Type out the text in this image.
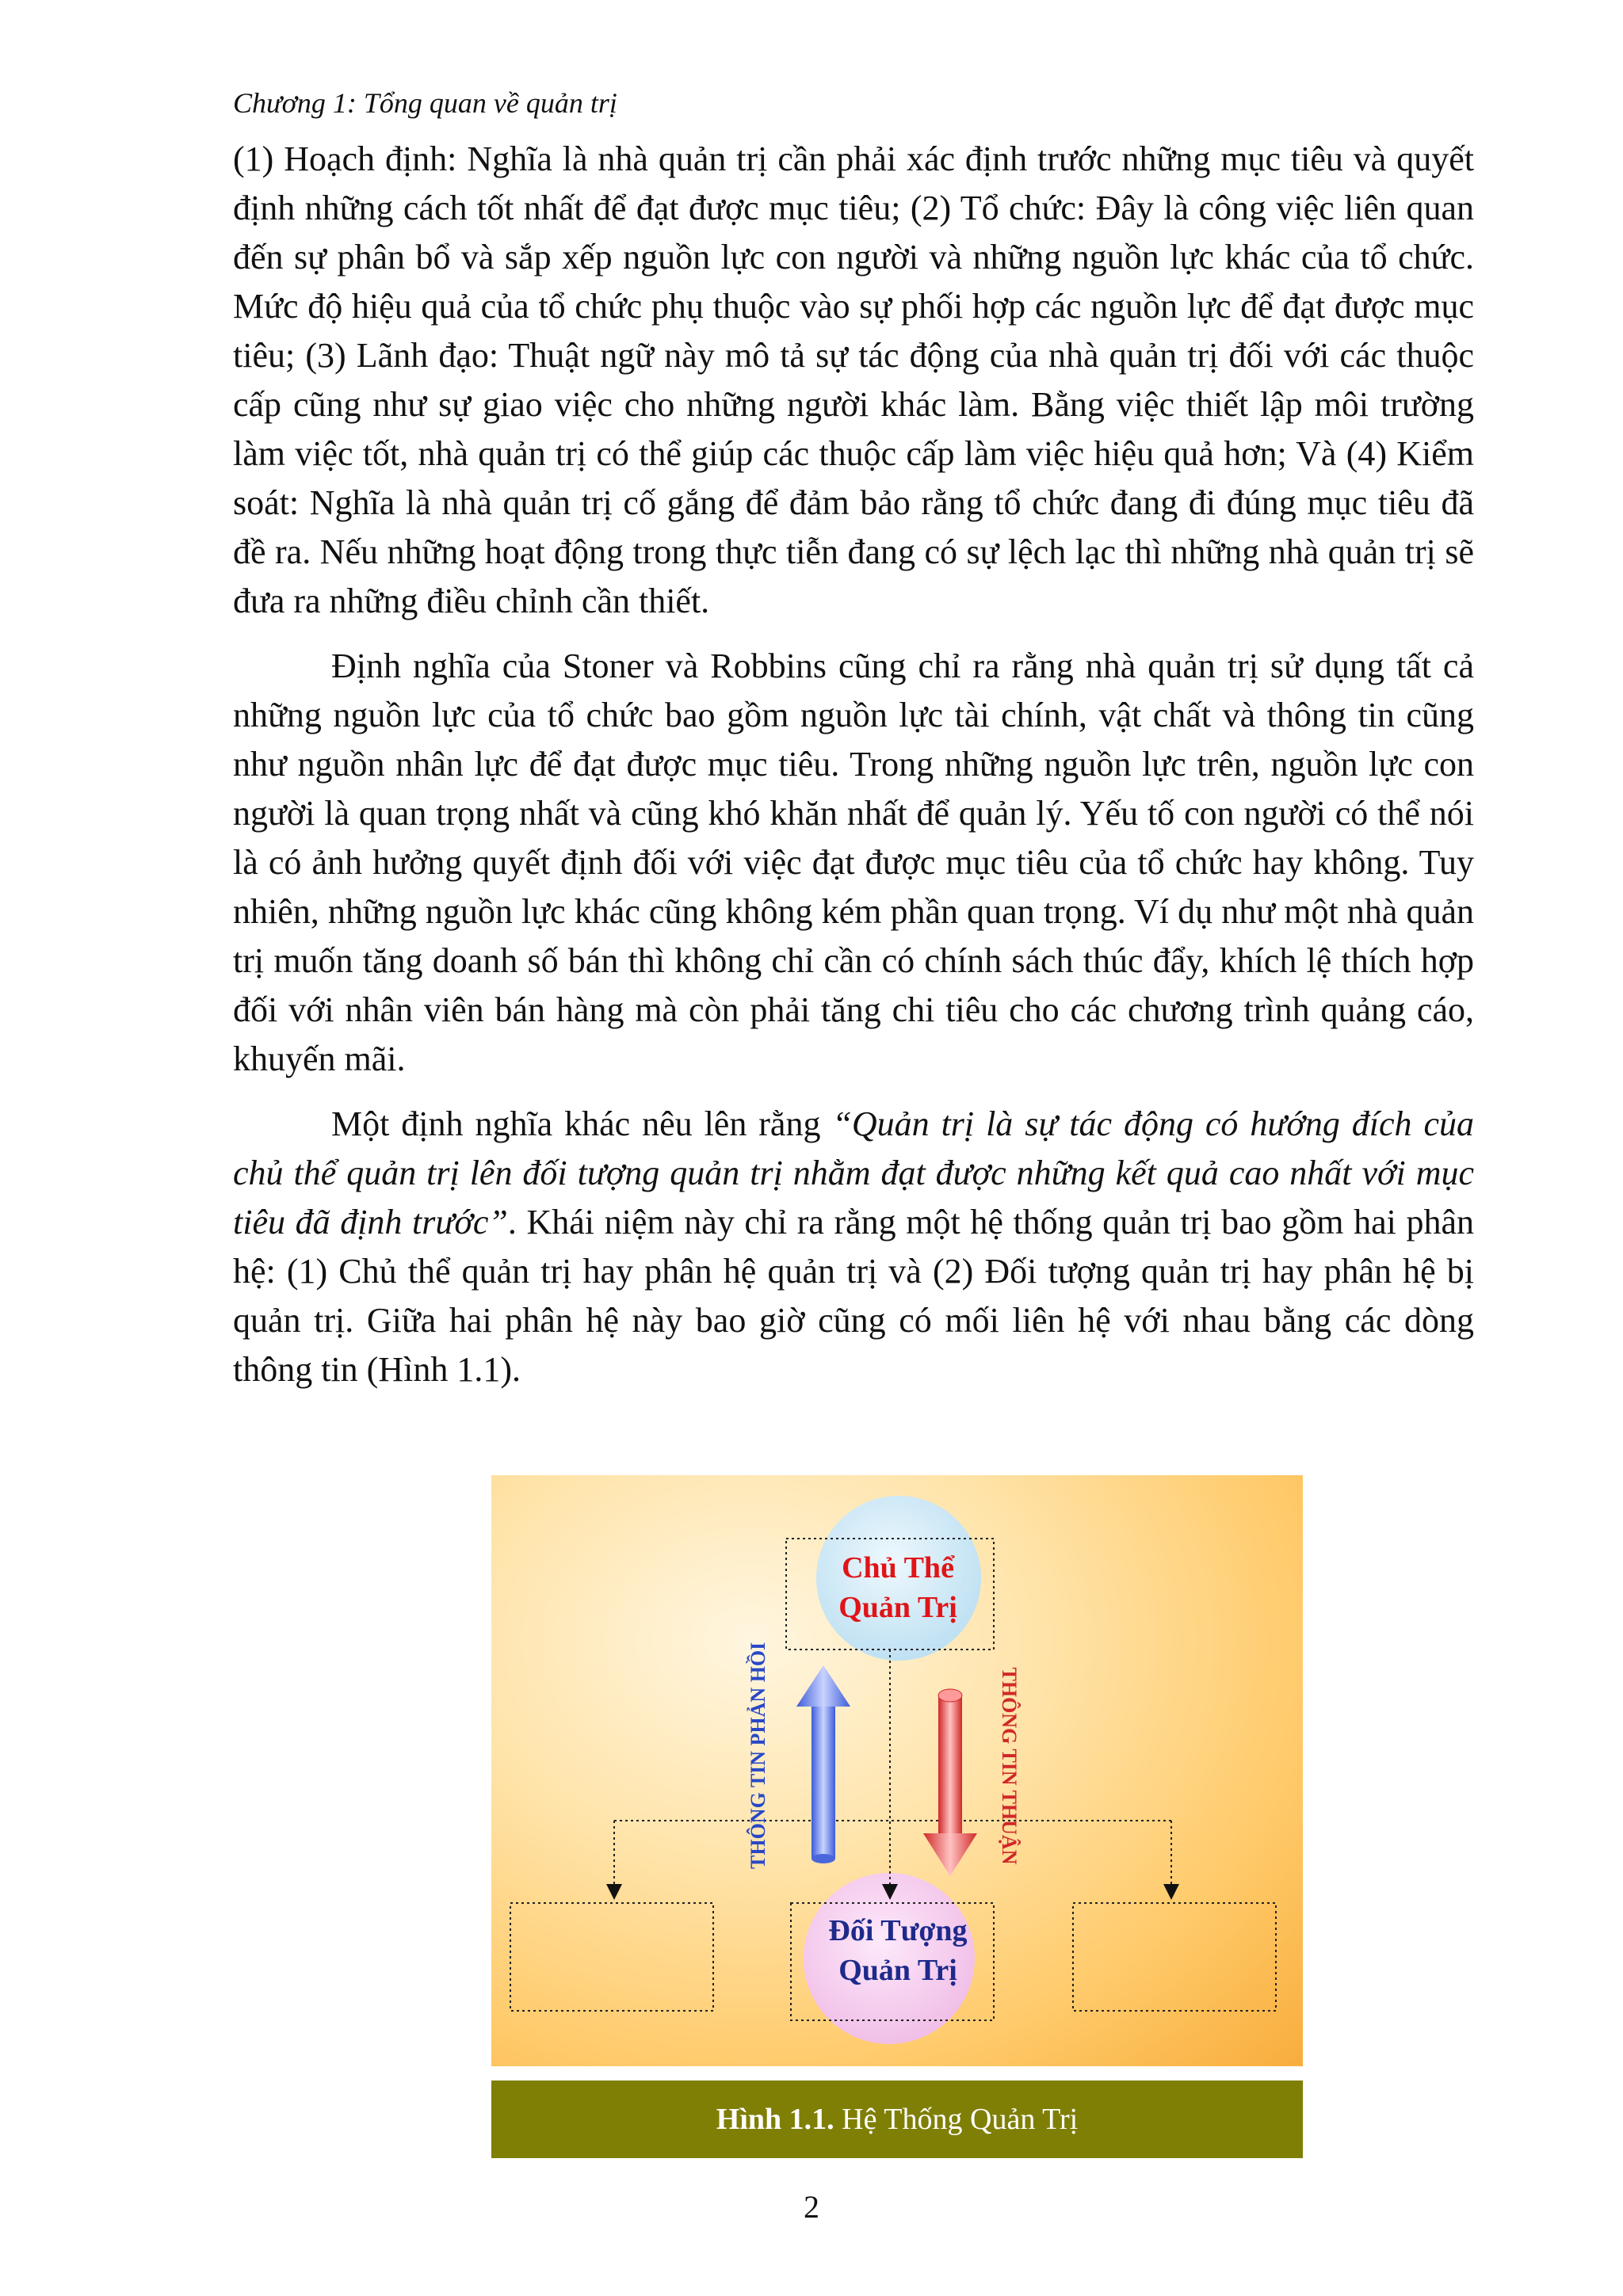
Chương 1: Tổng quan về quản trị

(1) Hoạch định: Nghĩa là nhà quản trị cần phải xác định trước những mục tiêu và quyết định những cách tốt nhất để đạt được mục tiêu; (2) Tổ chức: Đây là công việc liên quan đến sự phân bổ và sắp xếp nguồn lực con người và những nguồn lực khác của tổ chức. Mức độ hiệu quả của tổ chức phụ thuộc vào sự phối hợp các nguồn lực để đạt được mục tiêu; (3) Lãnh đạo: Thuật ngữ này mô tả sự tác động của nhà quản trị đối với các thuộc cấp cũng như sự giao việc cho những người khác làm. Bằng việc thiết lập môi trường làm việc tốt, nhà quản trị có thể giúp các thuộc cấp làm việc hiệu quả hơn; Và (4) Kiểm soát: Nghĩa là nhà quản trị cố gắng để đảm bảo rằng tổ chức đang đi đúng mục tiêu đã đề ra. Nếu những hoạt động trong thực tiễn đang có sự lệch lạc thì những nhà quản trị sẽ đưa ra những điều chỉnh cần thiết.

Định nghĩa của Stoner và Robbins cũng chỉ ra rằng nhà quản trị sử dụng tất cả những nguồn lực của tổ chức bao gồm nguồn lực tài chính, vật chất và thông tin cũng như nguồn nhân lực để đạt được mục tiêu. Trong những nguồn lực trên, nguồn lực con người là quan trọng nhất và cũng khó khăn nhất để quản lý. Yếu tố con người có thể nói là có ảnh hưởng quyết định đối với việc đạt được mục tiêu của tổ chức hay không. Tuy nhiên, những nguồn lực khác cũng không kém phần quan trọng. Ví dụ như một nhà quản trị muốn tăng doanh số bán thì không chỉ cần có chính sách thúc đẩy, khích lệ thích hợp đối với nhân viên bán hàng mà còn phải tăng chi tiêu cho các chương trình quảng cáo, khuyến mãi.

Một định nghĩa khác nêu lên rằng “Quản trị là sự tác động có hướng đích của chủ thể quản trị lên đối tượng quản trị nhằm đạt được những kết quả cao nhất với mục tiêu đã định trước”. Khái niệm này chỉ ra rằng một hệ thống quản trị bao gồm hai phân hệ: (1) Chủ thể quản trị hay phân hệ quản trị và (2) Đối tượng quản trị hay phân hệ bị quản trị. Giữa hai phân hệ này bao giờ cũng có mối liên hệ với nhau bằng các dòng thông tin (Hình 1.1).

Chủ Thể
Quản Trị
Đối Tượng
Quản Trị
THÔNG TIN PHẢN HỒI	THÔNG TIN THUẬN
Hình 1.1. Hệ Thống Quản Trị
2
